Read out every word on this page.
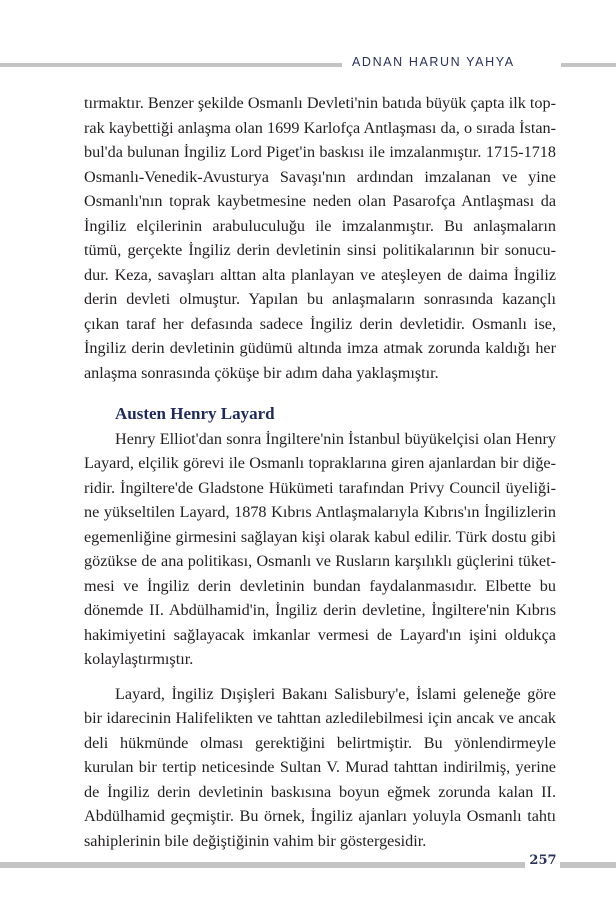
ADNAN HARUN YAHYA

tırmaktır. Benzer şekilde Osmanlı Devleti'nin batıda büyük çapta ilk toprak kaybettiği anlaşma olan 1699 Karlofça Antlaşması da, o sırada İstanbul'da bulunan İngiliz Lord Piget'in baskısı ile imzalanmıştır. 1715-1718 Osmanlı-Venedik-Avusturya Savaşı'nın ardından imzalanan ve yine Osmanlı'nın toprak kaybetmesine neden olan Pasarofça Antlaşması da İngiliz elçilerinin arabuluculuğu ile imzalanmıştır. Bu anlaşmaların tümü, gerçekte İngiliz derin devletinin sinsi politikalarının bir sonucudur. Keza, savaşları alttan alta planlayan ve ateşleyen de daima İngiliz derin devleti olmuştur. Yapılan bu anlaşmaların sonrasında kazançlı çıkan taraf her defasında sadece İngiliz derin devletidir. Osmanlı ise, İngiliz derin devletinin güdümü altında imza atmak zorunda kaldığı her anlaşma sonrasında çöküşe bir adım daha yaklaşmıştır.

Austen Henry Layard

Henry Elliot'dan sonra İngiltere'nin İstanbul büyükelçisi olan Henry Layard, elçilik görevi ile Osmanlı topraklarına giren ajanlardan bir diğeridir. İngiltere'de Gladstone Hükümeti tarafından Privy Council üyeliğine yükseltilen Layard, 1878 Kıbrıs Antlaşmalarıyla Kıbrıs'ın İngilizlerin egemenliğine girmesini sağlayan kişi olarak kabul edilir. Türk dostu gibi gözükse de ana politikası, Osmanlı ve Rusların karşılıklı güçlerini tüketmesi ve İngiliz derin devletinin bundan faydalanmasıdır. Elbette bu dönemde II. Abdülhamid'in, İngiliz derin devletine, İngiltere'nin Kıbrıs hakimiyetini sağlayacak imkanlar vermesi de Layard'ın işini oldukça kolaylaştırmıştır.

Layard, İngiliz Dışişleri Bakanı Salisbury'e, İslami geleneğe göre bir idarecinin Halifelikten ve tahttan azledilebilmesi için ancak ve ancak deli hükmünde olması gerektiğini belirtmiştir. Bu yönlendirmeyle kurulan bir tertip neticesinde Sultan V. Murad tahttan indirilmiş, yerine de İngiliz derin devletinin baskısına boyun eğmek zorunda kalan II. Abdülhamid geçmiştir. Bu örnek, İngiliz ajanları yoluyla Osmanlı tahtı sahiplerinin bile değiştiğinin vahim bir göstergesidir.

257
